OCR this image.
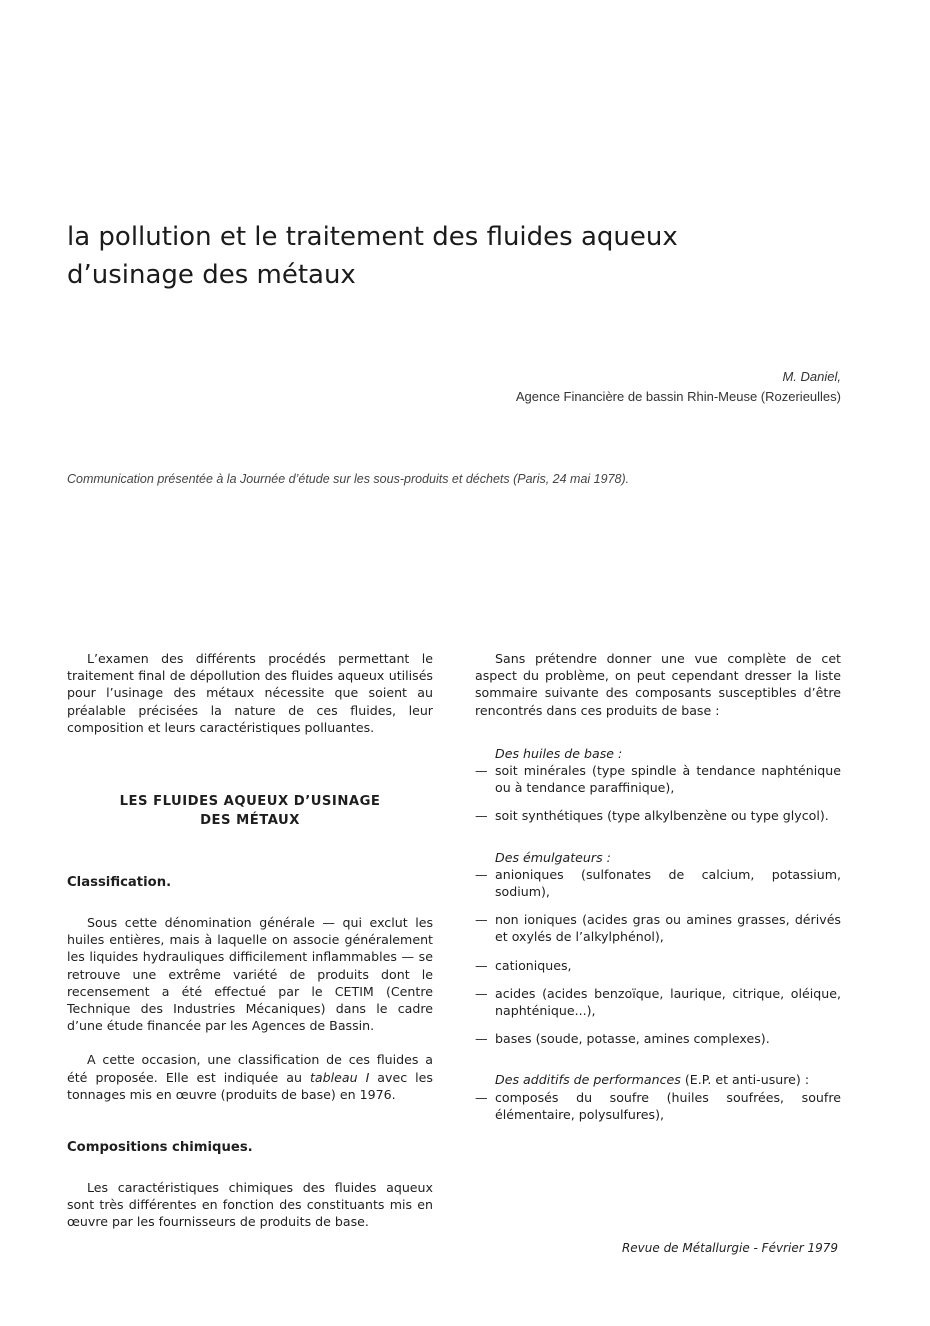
la pollution et le traitement des fluides aqueux
d’usinage des métaux
M. Daniel,
Agence Financière de bassin Rhin-Meuse (Rozerieulles)
Communication présentée à la Journée d’étude sur les sous-produits et déchets (Paris, 24 mai 1978).

L’examen des différents procédés permettant le traitement final de dépollution des fluides aqueux utilisés pour l’usinage des métaux nécessite que soient au préalable précisées la nature de ces fluides, leur composition et leurs caractéristiques polluantes.

LES FLUIDES AQUEUX D’USINAGE
DES MÉTAUX
Classification.

Sous cette dénomination générale — qui exclut les huiles entières, mais à laquelle on associe généralement les liquides hydrauliques difficilement inflammables — se retrouve une extrême variété de produits dont le recensement a été effectué par le CETIM (Centre Technique des Industries Mécaniques) dans le cadre d’une étude financée par les Agences de Bassin.

A cette occasion, une classification de ces fluides a été proposée. Elle est indiquée au tableau I avec les tonnages mis en œuvre (produits de base) en 1976.

Compositions chimiques.

Les caractéristiques chimiques des fluides aqueux sont très différentes en fonction des constituants mis en œuvre par les fournisseurs de produits de base.

Sans prétendre donner une vue complète de cet aspect du problème, on peut cependant dresser la liste sommaire suivante des composants susceptibles d’être rencontrés dans ces produits de base :

Des huiles de base :

— soit minérales (type spindle à tendance naphténique ou à tendance paraffinique),
— soit synthétiques (type alkylbenzène ou type glycol).

Des émulgateurs :

— anioniques (sulfonates de calcium, potassium, sodium),
— non ioniques (acides gras ou amines grasses, dérivés et oxylés de l’alkylphénol),
— cationiques,
— acides (acides benzoïque, laurique, citrique, oléique, naphténique...),
— bases (soude, potasse, amines complexes).

Des additifs de performances (E.P. et anti-usure) :

— composés du soufre (huiles soufrées, soufre élémentaire, polysulfures),
Revue de Métallurgie - Février 1979
